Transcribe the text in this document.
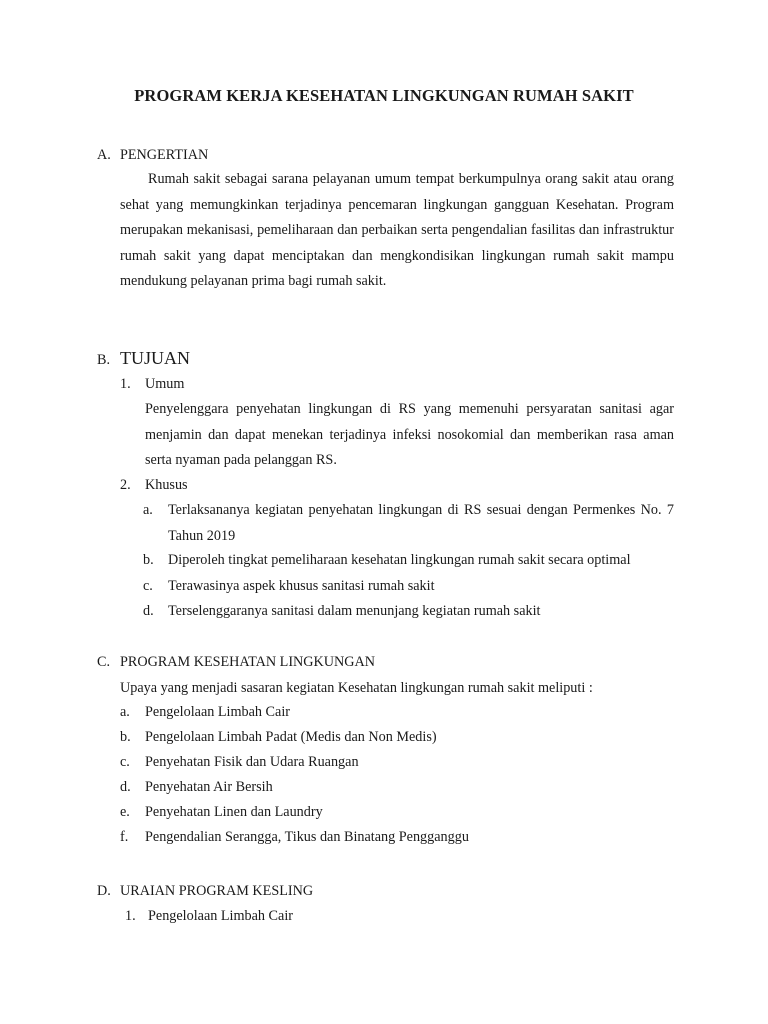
PROGRAM KERJA KESEHATAN LINGKUNGAN RUMAH SAKIT
A. PENGERTIAN
Rumah sakit sebagai sarana pelayanan umum tempat berkumpulnya orang sakit atau orang sehat yang memungkinkan terjadinya pencemaran lingkungan gangguan Kesehatan. Program merupakan mekanisasi, pemeliharaan dan perbaikan serta pengendalian fasilitas dan infrastruktur rumah sakit yang dapat menciptakan dan mengkondisikan lingkungan rumah sakit mampu mendukung pelayanan prima bagi rumah sakit.
B. TUJUAN
1. Umum
Penyelenggara penyehatan lingkungan di RS yang memenuhi persyaratan sanitasi agar menjamin dan dapat menekan terjadinya infeksi nosokomial dan memberikan rasa aman serta nyaman pada pelanggan RS.
2. Khusus
a. Terlaksananya kegiatan penyehatan lingkungan di RS sesuai dengan Permenkes No. 7 Tahun 2019
b. Diperoleh tingkat pemeliharaan kesehatan lingkungan rumah sakit secara optimal
c. Terawasinya aspek khusus sanitasi rumah sakit
d. Terselenggaranya sanitasi dalam menunjang kegiatan rumah sakit
C. PROGRAM KESEHATAN LINGKUNGAN
Upaya yang menjadi sasaran kegiatan Kesehatan lingkungan rumah sakit meliputi :
a. Pengelolaan Limbah Cair
b. Pengelolaan Limbah Padat (Medis dan Non Medis)
c. Penyehatan Fisik dan Udara Ruangan
d. Penyehatan Air Bersih
e. Penyehatan Linen dan Laundry
f. Pengendalian Serangga, Tikus dan Binatang Pengganggu
D. URAIAN PROGRAM KESLING
1. Pengelolaan Limbah Cair
